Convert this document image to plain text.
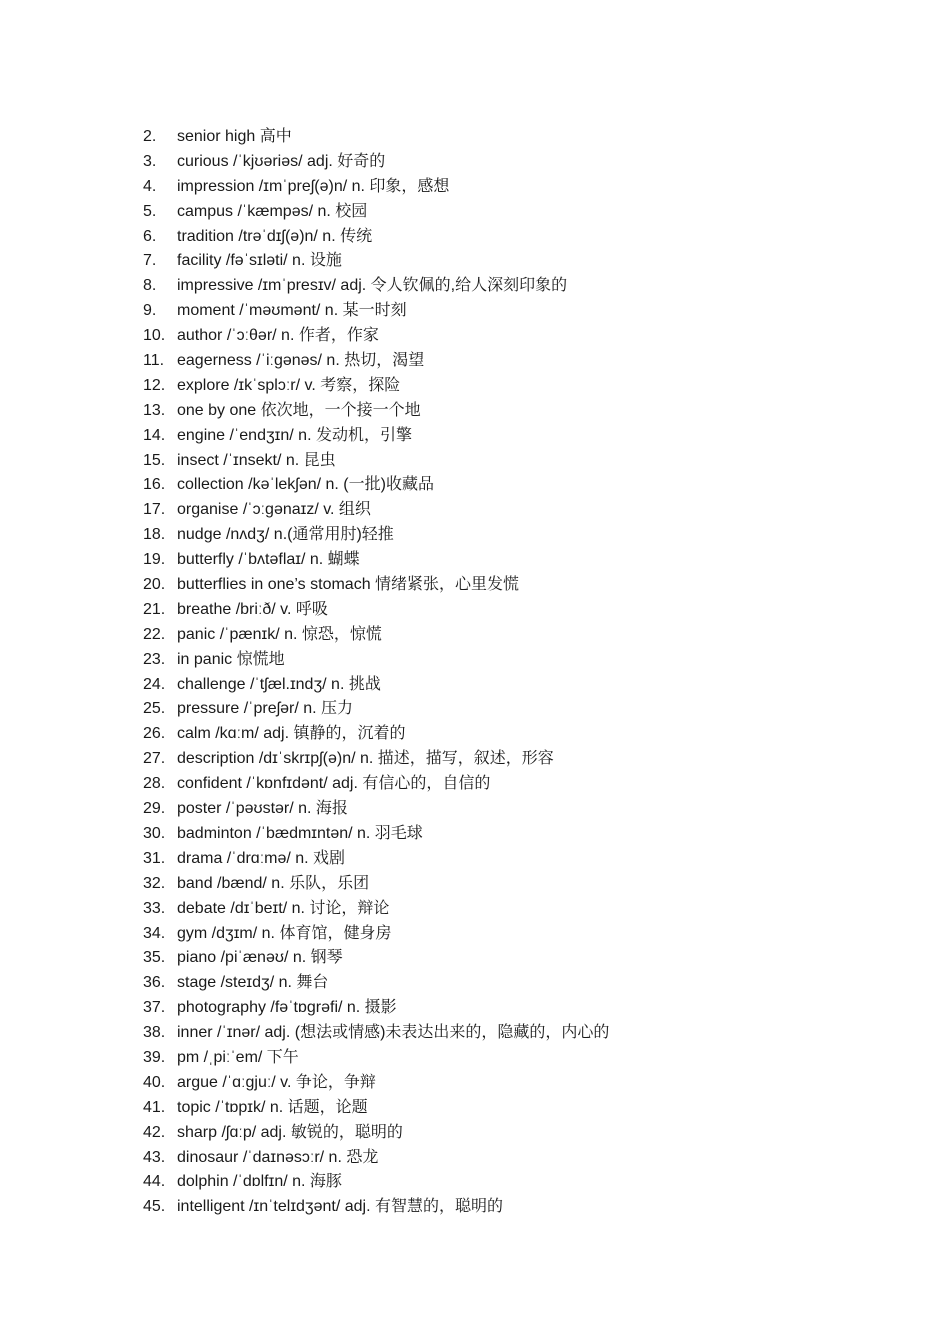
2. senior high 高中
3. curious /ˈkjʊəriəs/ adj. 好奇的
4. impression /ɪmˈpreʃ(ə)n/ n. 印象，感想
5. campus /ˈkæmpəs/ n. 校园
6. tradition /trəˈdɪʃ(ə)n/ n. 传统
7. facility /fəˈsɪləti/ n. 设施
8. impressive /ɪmˈpresɪv/ adj. 令人钦佩的,给人深刻印象的
9. moment /ˈməʊmənt/ n. 某一时刻
10. author /ˈɔːθər/ n. 作者，作家
11. eagerness /ˈiːɡənəs/ n. 热切，渴望
12. explore /ɪkˈsplɔːr/ v. 考察，探险
13. one by one 依次地，一个接一个地
14. engine /ˈendʒɪn/ n. 发动机，引擎
15. insect /ˈɪnsekt/ n. 昆虫
16. collection /kəˈlekʃən/ n. (一批)收藏品
17. organise /ˈɔːɡənaɪz/ v. 组织
18. nudge /nʌdʒ/ n.(通常用肘)轻推
19. butterfly /ˈbʌtəflaɪ/ n. 蝴蝶
20. butterflies in one’s stomach 情绪紧张，心里发慌
21. breathe /briːð/ v. 呼吸
22. panic /ˈpænɪk/ n. 惊恐，惊慌
23. in panic 惊慌地
24. challenge /ˈtʃæl.ɪndʒ/ n. 挑战
25. pressure /ˈpreʃər/ n. 压力
26. calm /kɑːm/ adj. 镇静的，沉着的
27. description /dɪˈskrɪpʃ(ə)n/ n. 描述，描写，叙述，形容
28. confident /ˈkɒnfɪdənt/ adj. 有信心的，自信的
29. poster /ˈpəʊstər/ n. 海报
30. badminton /ˈbædmɪntən/ n. 羽毛球
31. drama /ˈdrɑːmə/ n. 戏剧
32. band /bænd/ n. 乐队，乐团
33. debate /dɪˈbeɪt/ n. 讨论，辩论
34. gym /dʒɪm/ n. 体育馆，健身房
35. piano /piˈænəʊ/ n. 钢琴
36. stage /steɪdʒ/ n. 舞台
37. photography /fəˈtɒɡrəfi/ n. 摄影
38. inner /ˈɪnər/ adj. (想法或情感)未表达出来的，隐藏的，内心的
39. pm /ˌpiːˈem/ 下午
40. argue /ˈɑːɡjuː/ v. 争论，争辩
41. topic /ˈtɒpɪk/ n. 话题，论题
42. sharp /ʃɑːp/ adj. 敏锐的，聪明的
43. dinosaur /ˈdaɪnəsɔːr/ n. 恐龙
44. dolphin /ˈdɒlfɪn/ n. 海豚
45. intelligent /ɪnˈtelɪdʒənt/ adj. 有智慧的，聪明的
